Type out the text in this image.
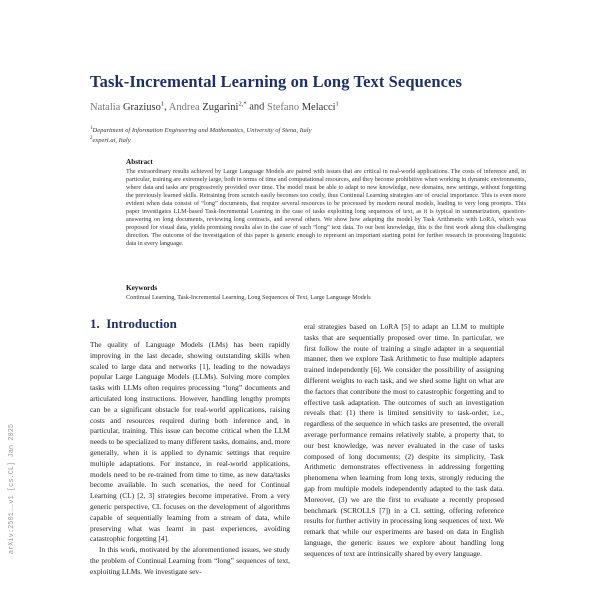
arXiv:2501.…v1 [cs.CL] Jan 2025
Task-Incremental Learning on Long Text Sequences
Natalia Graziuso$^1$, Andrea Zugarini$^{2,*}$ and Stefano Melacci$^1$
$^1$Department of Information Engineering and Mathematics, University of Siena, Italy
$^2$expert.ai, Italy
Abstract

The extraordinary results achieved by Large Language Models are paired with issues that are critical in real-world applications. The costs of inference and, in particular, training are extremely large, both in terms of time and computational resources, and they become prohibitive when working in dynamic environments, where data and tasks are progressively provided over time. The model must be able to adapt to new knowledge, new domains, new settings, without forgetting the previously learned skills. Retraining from scratch easily becomes too costly, thus Continual Learning strategies are of crucial importance. This is even more evident when data consist of “long” documents, that require several resources to be processed by modern neural models, leading to very long prompts. This paper investigates LLM-based Task-Incremental Learning in the case of tasks exploiting long sequences of text, as it is typical in summarization, question-answering on long documents, reviewing long contracts, and several others. We show how adapting the model by Task Arithmetic with LoRA, which was proposed for visual data, yields promising results also in the case of such “long” text data. To our best knowledge, this is the first work along this challenging direction. The outcome of the investigation of this paper is generic enough to represent an important starting point for further research in processing linguistic data in every language.

Keywords
Continual Learning, Task-Incremental Learning, Long Sequences of Text, Large Language Models
1. Introduction

The quality of Language Models (LMs) has been rapidly improving in the last decade, showing outstanding skills when scaled to large data and networks [1], leading to the nowadays popular Large Language Models (LLMs). Solving more complex tasks with LLMs often requires processing “long” documents and articulated long instructions. However, handling lengthy prompts can be a significant obstacle for real-world applications, raising costs and resources required during both inference and, in particular, training. This issue can become critical when the LLM needs to be specialized to many different tasks, domains, and, more generally, when it is applied to dynamic settings that require multiple adaptations. For instance, in real-world applications, models need to be re-trained from time to time, as new data/tasks become available. In such scenarios, the need for Continual Learning (CL) [2, 3] strategies become imperative. From a very generic perspective, CL focuses on the development of algorithms capable of sequentially learning from a stream of data, while preserving what was learnt in past experiences, avoiding catastrophic forgetting [4].

In this work, motivated by the aforementioned issues, we study the problem of Continual Learning from “long” sequences of text, exploiting LLMs. We investigate sev-

eral strategies based on LoRA [5] to adapt an LLM to multiple tasks that are sequentially proposed over time. In particular, we first follow the route of training a single adapter in a sequential manner, then we explore Task Arithmetic to fuse multiple adapters trained independently [6]. We consider the possibility of assigning different weights to each task, and we shed some light on what are the factors that contribute the most to catastrophic forgetting and to effective task adaptation. The outcomes of such an investigation reveals that: (1) there is limited sensitivity to task-order, i.e., regardless of the sequence in which tasks are presented, the overall average performance remains relatively stable, a property that, to our best knowledge, was never evaluated in the case of tasks composed of long documents; (2) despite its simplicity, Task Arithmetic demonstrates effectiveness in addressing forgetting phenomena when learning from long texts, strongly reducing the gap from multiple models independently adapted to the task data. Moreover, (3) we are the first to evaluate a recently proposed benchmark (SCROLLS [7]) in a CL setting, offering reference results for further activity in processing long sequences of text. We remark that while our experiments are based on data in English language, the generic issues we explore about handling long sequences of text are intrinsically shared by every language.
